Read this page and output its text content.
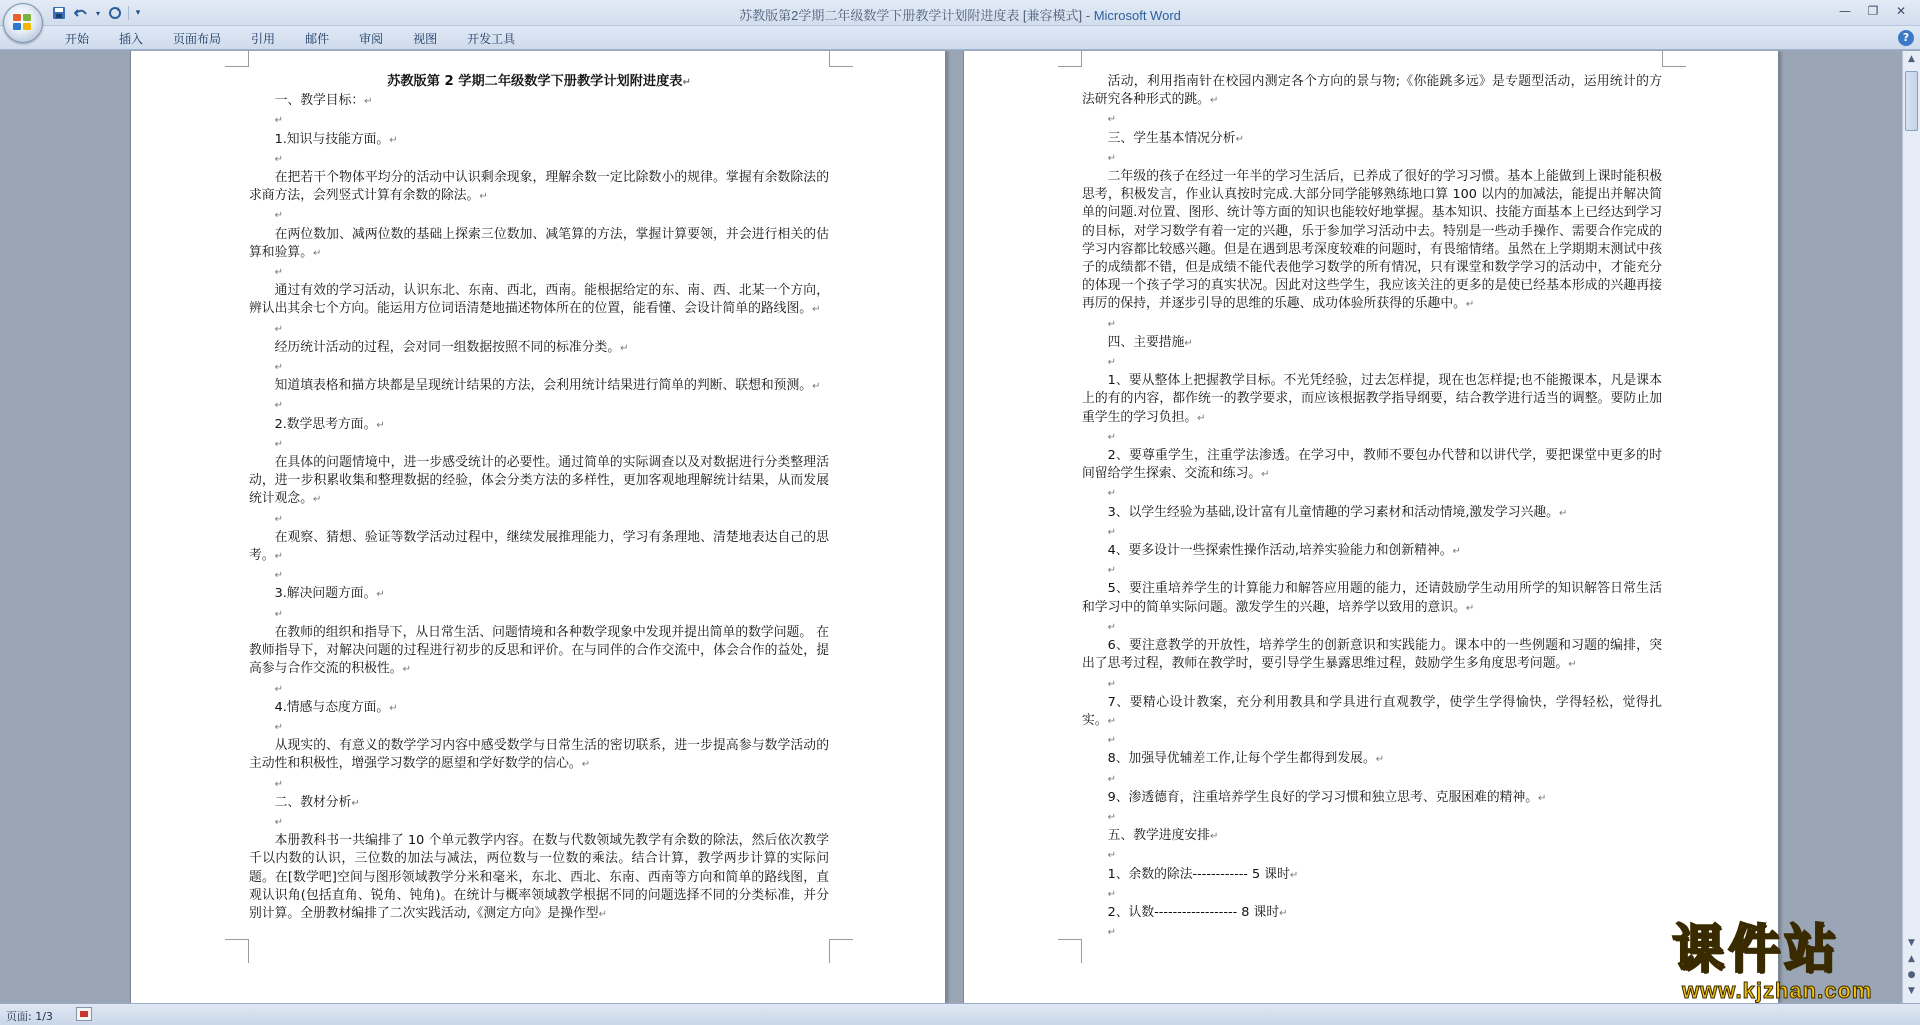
▾	▾	苏教版第2学期二年级数学下册教学计划附进度表 [兼容模式] - Microsoft Word	—	❐	✕
开始	插入	页面布局	引用	邮件	审阅	视图	开发工具	?
苏教版第 2 学期二年级数学下册教学计划附进度表↵
一、教学目标：↵
↵
1.知识与技能方面。↵
↵
在把若干个物体平均分的活动中认识剩余现象，理解余数一定比除数小的规律。掌握有余数除法的求商方法，会列竖式计算有余数的除法。↵
↵
在两位数加、减两位数的基础上探索三位数加、减笔算的方法，掌握计算要领，并会进行相关的估算和验算。↵
↵
通过有效的学习活动，认识东北、东南、西北，西南。能根据给定的东、南、西、北某一个方向，辨认出其余七个方向。能运用方位词语清楚地描述物体所在的位置，能看懂、会设计简单的路线图。↵
↵
经历统计活动的过程，会对同一组数据按照不同的标准分类。↵
↵
知道填表格和描方块都是呈现统计结果的方法，会利用统计结果进行简单的判断、联想和预测。↵
↵
2.数学思考方面。↵
↵
在具体的问题情境中，进一步感受统计的必要性。通过简单的实际调查以及对数据进行分类整理活动，进一步积累收集和整理数据的经验，体会分类方法的多样性，更加客观地理解统计结果，从而发展统计观念。↵
↵
在观察、猜想、验证等数学活动过程中，继续发展推理能力，学习有条理地、清楚地表达自己的思考。↵
↵
3.解决问题方面。↵
↵
在教师的组织和指导下，从日常生活、问题情境和各种数学现象中发现并提出简单的数学问题。 在教师指导下，对解决问题的过程进行初步的反思和评价。在与同伴的合作交流中，体会合作的益处，提高参与合作交流的积极性。↵
↵
4.情感与态度方面。↵
↵
从现实的、有意义的数学学习内容中感受数学与日常生活的密切联系，进一步提高参与数学活动的主动性和积极性，增强学习数学的愿望和学好数学的信心。↵
↵
二、教材分析↵
↵
本册教科书一共编排了 10 个单元教学内容。在数与代数领域先教学有余数的除法，然后依次教学千以内数的认识，三位数的加法与减法，两位数与一位数的乘法。结合计算，教学两步计算的实际问题。在[数学吧]空间与图形领域教学分米和毫米，东北、西北、东南、西南等方向和简单的路线图，直观认识角(包括直角、锐角、钝角)。在统计与概率领域教学根据不同的问题选择不同的分类标准，并分别计算。全册教材编排了二次实践活动,《测定方向》是操作型↵
活动，利用指南针在校园内测定各个方向的景与物;《你能跳多远》是专题型活动，运用统计的方法研究各种形式的跳。↵
↵
三、学生基本情况分析↵
↵
二年级的孩子在经过一年半的学习生活后，已养成了很好的学习习惯。基本上能做到上课时能积极思考，积极发言，作业认真按时完成.大部分同学能够熟练地口算 100 以内的加减法，能提出并解决简单的问题.对位置、图形、统计等方面的知识也能较好地掌握。基本知识、技能方面基本上已经达到学习的目标，对学习数学有着一定的兴趣，乐于参加学习活动中去。特别是一些动手操作、需要合作完成的学习内容都比较感兴趣。但是在遇到思考深度较难的问题时，有畏缩情绪。虽然在上学期期末测试中孩子的成绩都不错，但是成绩不能代表他学习数学的所有情况，只有课堂和数学学习的活动中，才能充分的体现一个孩子学习的真实状况。因此对这些学生，我应该关注的更多的是使已经基本形成的兴趣再接再厉的保持，并逐步引导的思维的乐趣、成功体验所获得的乐趣中。↵
↵
四、主要措施↵
↵
1、要从整体上把握教学目标。不光凭经验，过去怎样提，现在也怎样提;也不能搬课本，凡是课本上的有的内容，都作统一的教学要求，而应该根据教学指导纲要，结合教学进行适当的调整。要防止加重学生的学习负担。↵
↵
2、要尊重学生，注重学法渗透。在学习中，教师不要包办代替和以讲代学，要把课堂中更多的时间留给学生探索、交流和练习。↵
↵
3、以学生经验为基础,设计富有儿童情趣的学习素材和活动情境,激发学习兴趣。↵
↵
4、要多设计一些探索性操作活动,培养实验能力和创新精神。↵
↵
5、要注重培养学生的计算能力和解答应用题的能力，还请鼓励学生动用所学的知识解答日常生活和学习中的简单实际问题。激发学生的兴趣，培养学以致用的意识。↵
↵
6、要注意教学的开放性，培养学生的创新意识和实践能力。课本中的一些例题和习题的编排，突出了思考过程，教师在教学时，要引导学生暴露思维过程，鼓励学生多角度思考问题。↵
↵
7、要精心设计教案，充分利用教具和学具进行直观教学，使学生学得愉快，学得轻松，觉得扎实。↵
↵
8、加强导优辅差工作,让每个学生都得到发展。↵
↵
9、渗透德育，注重培养学生良好的学习习惯和独立思考、克服困难的精神。↵
↵
五、教学进度安排↵
↵
1、余数的除法------------ 5 课时↵
↵
2、认数------------------ 8 课时↵
↵
▲
▼
▲
●
▼
页面: 1/3
课件站
www.kjzhan.com
